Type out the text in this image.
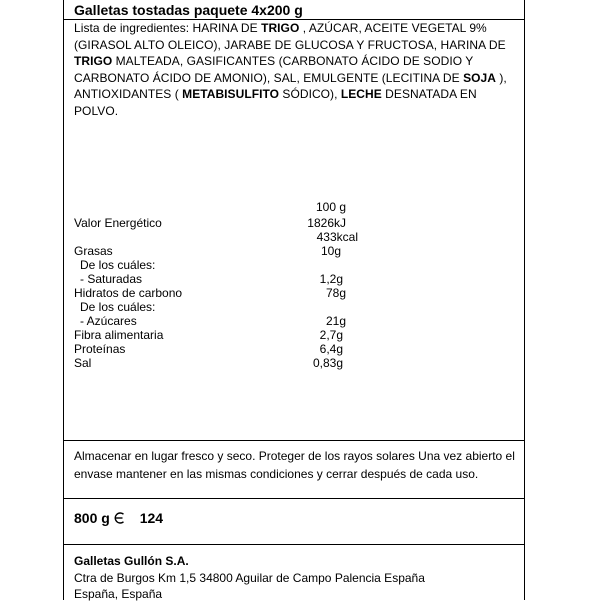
Galletas tostadas paquete 4x200 g
Lista de ingredientes: HARINA DE TRIGO , AZÚCAR, ACEITE VEGETAL 9% (GIRASOL ALTO OLEICO), JARABE DE GLUCOSA Y FRUCTOSA, HARINA DE TRIGO MALTEADA, GASIFICANTES (CARBONATO ÁCIDO DE SODIO Y CARBONATO ÁCIDO DE AMONIO), SAL, EMULGENTE (LECITINA DE SOJA ), ANTIOXIDANTES ( METABISULFITO SÓDICO), LECHE DESNATADA EN POLVO.
100 g
Valor Energético	1826kJ
433kcal
Grasas	10g
De los cuáles:
- Saturadas	1,2g
Hidratos de carbono	78g
De los cuáles:
- Azúcares	21g
Fibra alimentaria	2,7g
Proteínas	6,4g
Sal	0,83g
Almacenar en lugar fresco y seco. Proteger de los rayos solares Una vez abierto el envase mantener en las mismas condiciones y cerrar después de cada uso.
800 g 124
Galletas Gullón S.A.
Ctra de Burgos Km 1,5 34800 Aguilar de Campo Palencia España
España, España
